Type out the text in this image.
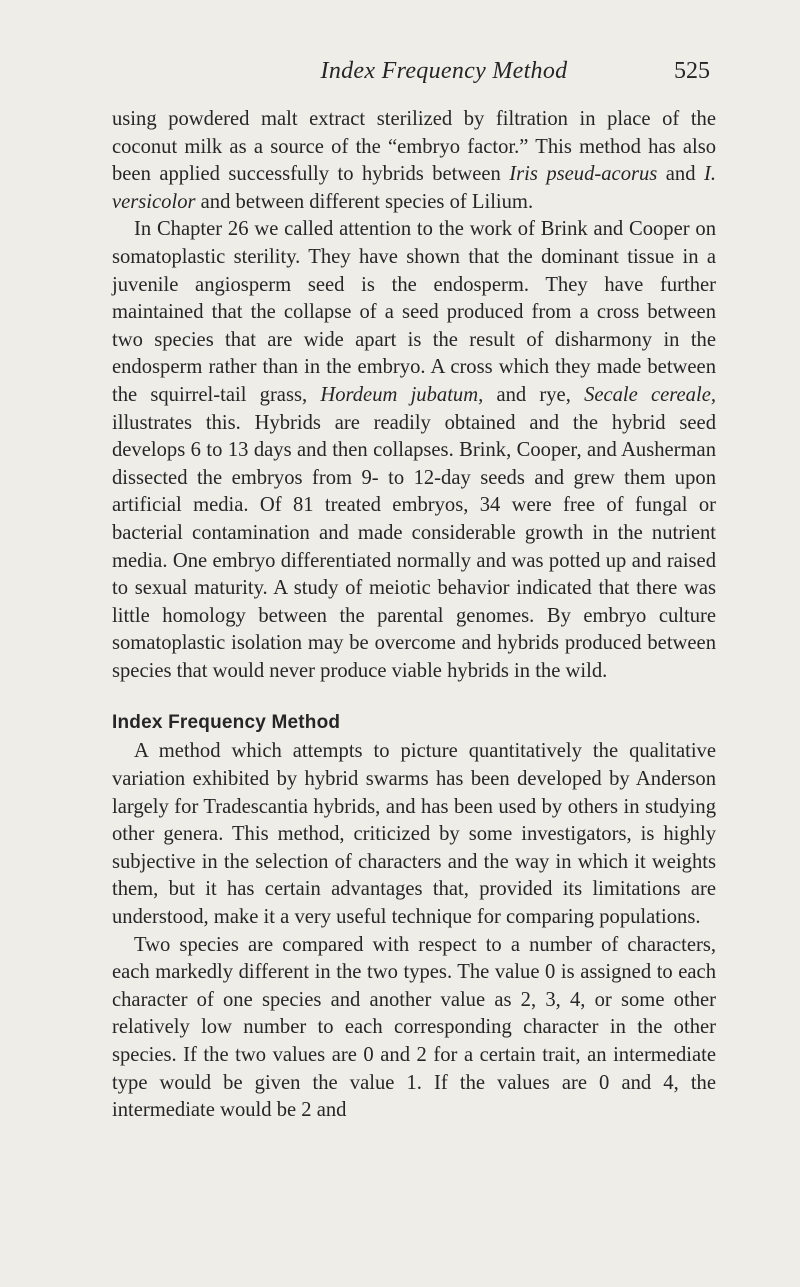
Index Frequency Method	525

using powdered malt extract sterilized by filtration in place of the coconut milk as a source of the “embryo factor.” This method has also been applied successfully to hybrids between Iris pseud-acorus and I. versicolor and between different species of Lilium.

In Chapter 26 we called attention to the work of Brink and Cooper on somatoplastic sterility. They have shown that the dominant tissue in a juvenile angiosperm seed is the endosperm. They have further maintained that the collapse of a seed produced from a cross between two species that are wide apart is the result of disharmony in the endosperm rather than in the embryo. A cross which they made between the squirrel-tail grass, Hordeum jubatum, and rye, Secale cereale, illustrates this. Hybrids are readily obtained and the hybrid seed develops 6 to 13 days and then collapses. Brink, Cooper, and Ausherman dissected the embryos from 9- to 12-day seeds and grew them upon artificial media. Of 81 treated embryos, 34 were free of fungal or bacterial contamination and made considerable growth in the nutrient media. One embryo differentiated normally and was potted up and raised to sexual maturity. A study of meiotic behavior indicated that there was little homology between the parental genomes. By embryo culture somatoplastic isolation may be overcome and hybrids produced between species that would never produce viable hybrids in the wild.

Index Frequency Method

A method which attempts to picture quantitatively the qualitative variation exhibited by hybrid swarms has been developed by Anderson largely for Tradescantia hybrids, and has been used by others in studying other genera. This method, criticized by some investigators, is highly subjective in the selection of characters and the way in which it weights them, but it has certain advantages that, provided its limitations are understood, make it a very useful technique for comparing populations.

Two species are compared with respect to a number of characters, each markedly different in the two types. The value 0 is assigned to each character of one species and another value as 2, 3, 4, or some other relatively low number to each corresponding character in the other species. If the two values are 0 and 2 for a certain trait, an intermediate type would be given the value 1. If the values are 0 and 4, the intermediate would be 2 and
